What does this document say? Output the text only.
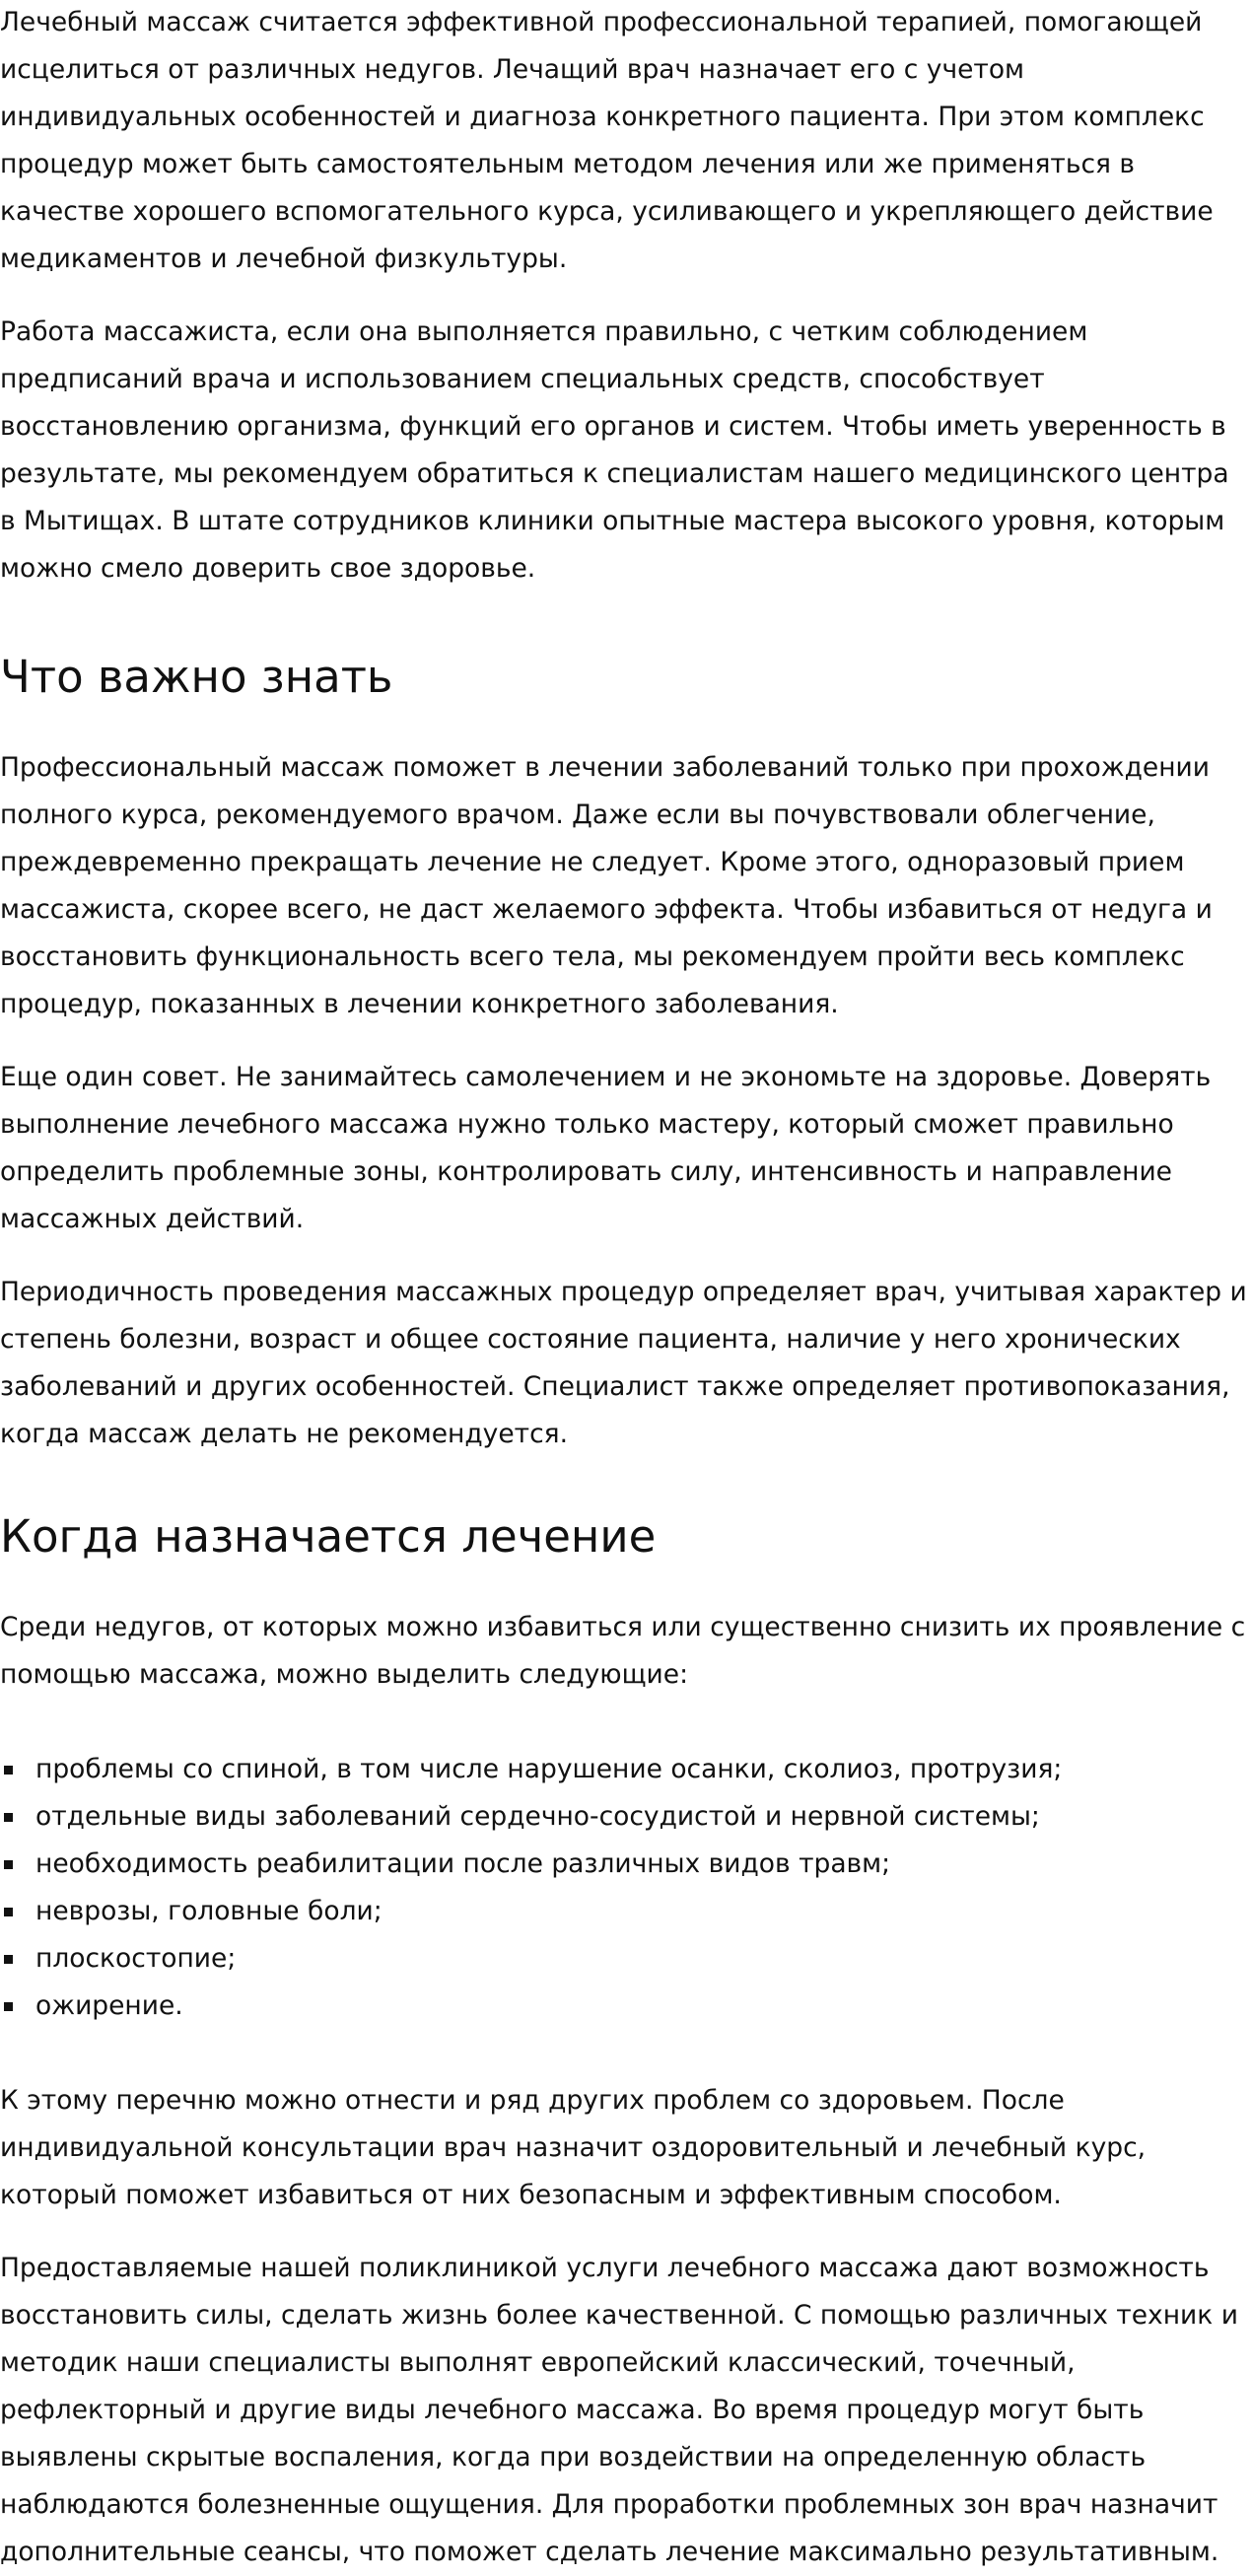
Лечебный массаж считается эффективной профессиональной терапией, помогающей исцелиться от различных недугов. Лечащий врач назначает его с учетом индивидуальных особенностей и диагноза конкретного пациента. При этом комплекс процедур может быть самостоятельным методом лечения или же применяться в качестве хорошего вспомогательного курса, усиливающего и укрепляющего действие медикаментов и лечебной физкультуры.

Работа массажиста, если она выполняется правильно, с четким соблюдением предписаний врача и использованием специальных средств, способствует восстановлению организма, функций его органов и систем. Чтобы иметь уверенность в результате, мы рекомендуем обратиться к специалистам нашего медицинского центра в Мытищах. В штате сотрудников клиники опытные мастера высокого уровня, которым можно смело доверить свое здоровье.

Что важно знать

Профессиональный массаж поможет в лечении заболеваний только при прохождении полного курса, рекомендуемого врачом. Даже если вы почувствовали облегчение, преждевременно прекращать лечение не следует. Кроме этого, одноразовый прием массажиста, скорее всего, не даст желаемого эффекта. Чтобы избавиться от недуга и восстановить функциональность всего тела, мы рекомендуем пройти весь комплекс процедур, показанных в лечении конкретного заболевания.

Еще один совет. Не занимайтесь самолечением и не экономьте на здоровье. Доверять выполнение лечебного массажа нужно только мастеру, который сможет правильно определить проблемные зоны, контролировать силу, интенсивность и направление массажных действий.

Периодичность проведения массажных процедур определяет врач, учитывая характер и степень болезни, возраст и общее состояние пациента, наличие у него хронических заболеваний и других особенностей. Специалист также определяет противопоказания, когда массаж делать не рекомендуется.

Когда назначается лечение

Среди недугов, от которых можно избавиться или существенно снизить их проявление с помощью массажа, можно выделить следующие:

проблемы со спиной, в том числе нарушение осанки, сколиоз, протрузия;
отдельные виды заболеваний сердечно-сосудистой и нервной системы;
необходимость реабилитации после различных видов травм;
неврозы, головные боли;
плоскостопие;
ожирение.

К этому перечню можно отнести и ряд других проблем со здоровьем. После индивидуальной консультации врач назначит оздоровительный и лечебный курс, который поможет избавиться от них безопасным и эффективным способом.

Предоставляемые нашей поликлиникой услуги лечебного массажа дают возможность восстановить силы, сделать жизнь более качественной. С помощью различных техник и методик наши специалисты выполнят европейский классический, точечный, рефлекторный и другие виды лечебного массажа. Во время процедур могут быть выявлены скрытые воспаления, когда при воздействии на определенную область наблюдаются болезненные ощущения. Для проработки проблемных зон врач назначит дополнительные сеансы, что поможет сделать лечение максимально результативным.
